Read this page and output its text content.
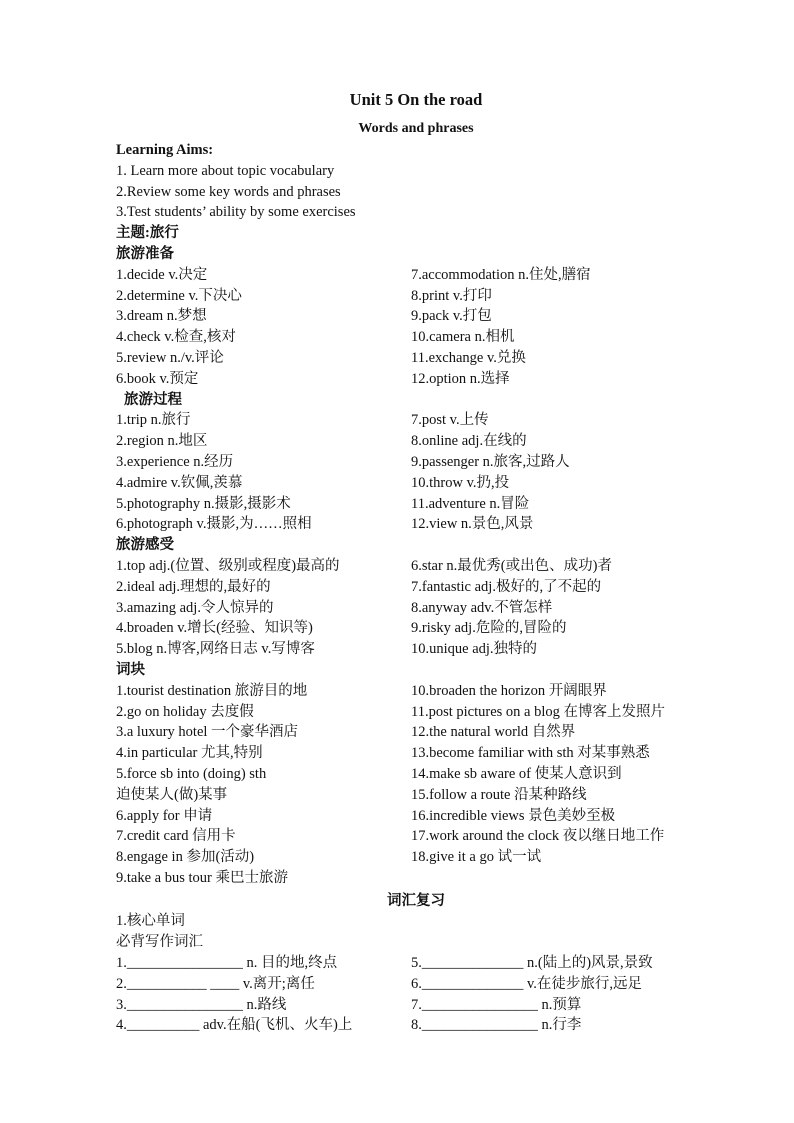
Unit 5 On the road
Words and phrases
Learning Aims:
1. Learn more about topic vocabulary
2.Review some key words and phrases
3.Test students’ ability by some exercises
主题:旅行
旅游准备
1.decide v.决定	7.accommodation n.住处,膳宿
2.determine v.下决心	8.print v.打印
3.dream n.梦想	9.pack v.打包
4.check v.检查,核对	10.camera n.相机
5.review n./v.评论	11.exchange v.兑换
6.book v.预定	12.option n.选择
旅游过程
1.trip n.旅行	7.post v.上传
2.region n.地区	8.online adj.在线的
3.experience n.经历	9.passenger n.旅客,过路人
4.admire v.钦佩,羡慕	10.throw v.扔,投
5.photography n.摄影,摄影术	11.adventure n.冒险
6.photograph v.摄影,为……照相	12.view n.景色,风景
旅游感受
1.top adj.(位置、级别或程度)最高的	6.star n.最优秀(或出色、成功)者
2.ideal adj.理想的,最好的	7.fantastic adj.极好的,了不起的
3.amazing adj.令人惊异的	8.anyway adv.不管怎样
4.broaden v.增长(经验、知识等)	9.risky adj.危险的,冒险的
5.blog n.博客,网络日志 v.写博客	10.unique adj.独特的
词块
1.tourist destination 旅游目的地	10.broaden the horizon 开阔眼界
2.go on holiday 去度假	11.post pictures on a blog 在博客上发照片
3.a luxury hotel 一个豪华酒店	12.the natural world 自然界
4.in particular 尤其,特别	13.become familiar with sth 对某事熟悉
5.force sb into (doing) sth	14.make sb aware of 使某人意识到
迫使某人(做)某事	15.follow a route 沿某种路线
6.apply for 申请	16.incredible views 景色美妙至极
7.credit card 信用卡	17.work around the clock 夜以继日地工作
8.engage in 参加(活动)	18.give it a go 试一试
9.take a bus tour 乘巴士旅游
词汇复习
1.核心单词
必背写作词汇
1.________________ n. 目的地,终点	5.______________ n.(陆上的)风景,景致
2.___________ ____ v.离开;离任	6.______________ v.在徒步旅行,远足
3.________________ n.路线	7.________________ n.预算
4.__________ adv.在船(飞机、火车)上	8.________________ n.行李
